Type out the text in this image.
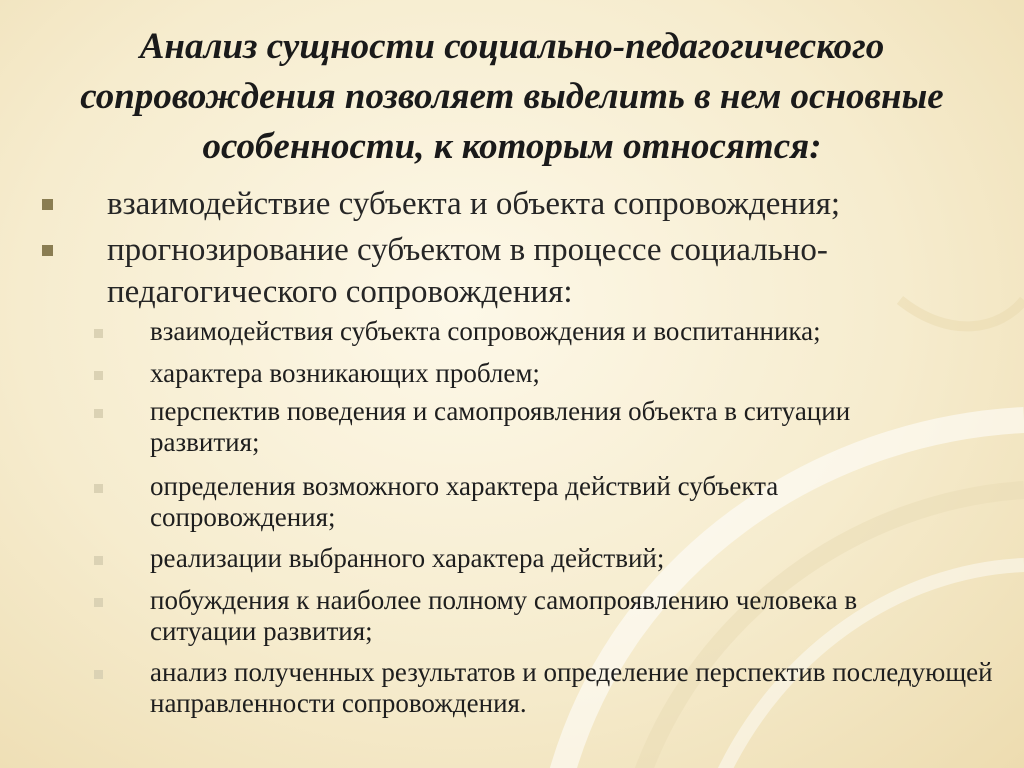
Анализ сущности социально-педагогического сопровождения позволяет выделить в нем основные особенности, к которым относятся:
взаимодействие субъекта и объекта сопровождения;
прогнозирование субъектом в процессе социально-педагогического сопровождения:
взаимодействия субъекта сопровождения и воспитанника;
характера возникающих проблем;
перспектив поведения и самопроявления объекта в ситуации развития;
определения возможного характера действий субъекта сопровождения;
реализации выбранного характера действий;
побуждения к наиболее полному самопроявлению человека в ситуации развития;
анализ полученных результатов и определение перспектив последующей направленности сопровождения.
